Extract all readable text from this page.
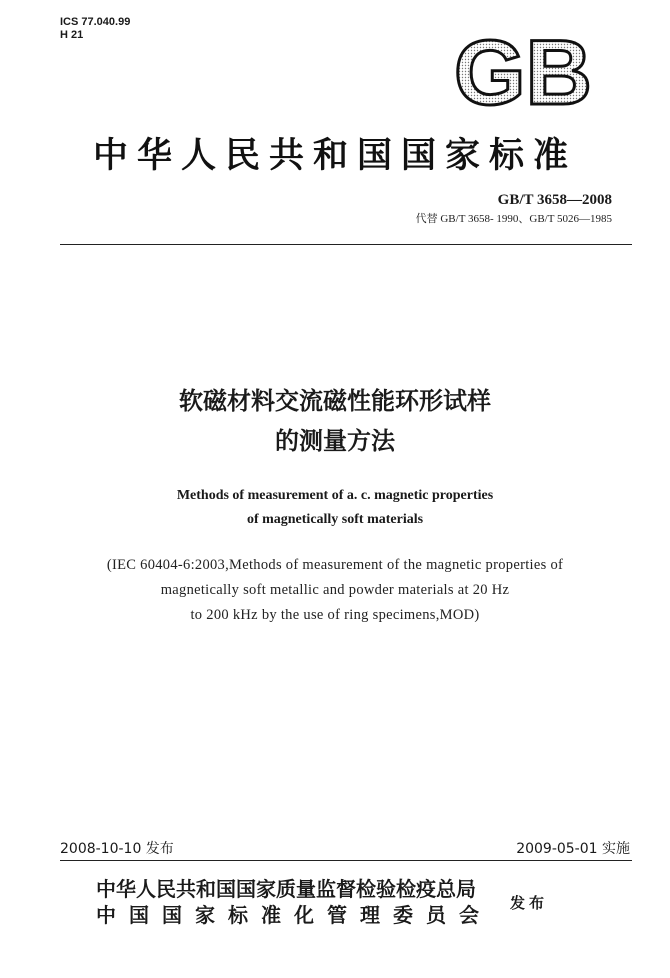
ICS 77.040.99
H 21	GB
中华人民共和国国家标准
GB/T 3658—2008
代替 GB/T 3658- 1990、GB/T 5026—1985
软磁材料交流磁性能环形试样
的测量方法
Methods of measurement of a. c. magnetic properties
of magnetically soft materials
(IEC 60404-6:2003,Methods of measurement of the magnetic properties of
magnetically soft metallic and powder materials at 20 Hz
to 200 kHz by the use of ring specimens,MOD)
2008-10-10 发布	2009-05-01 实施
中华人民共和国国家质量监督检验检疫总局
中国国家标准化管理委员会 发布
